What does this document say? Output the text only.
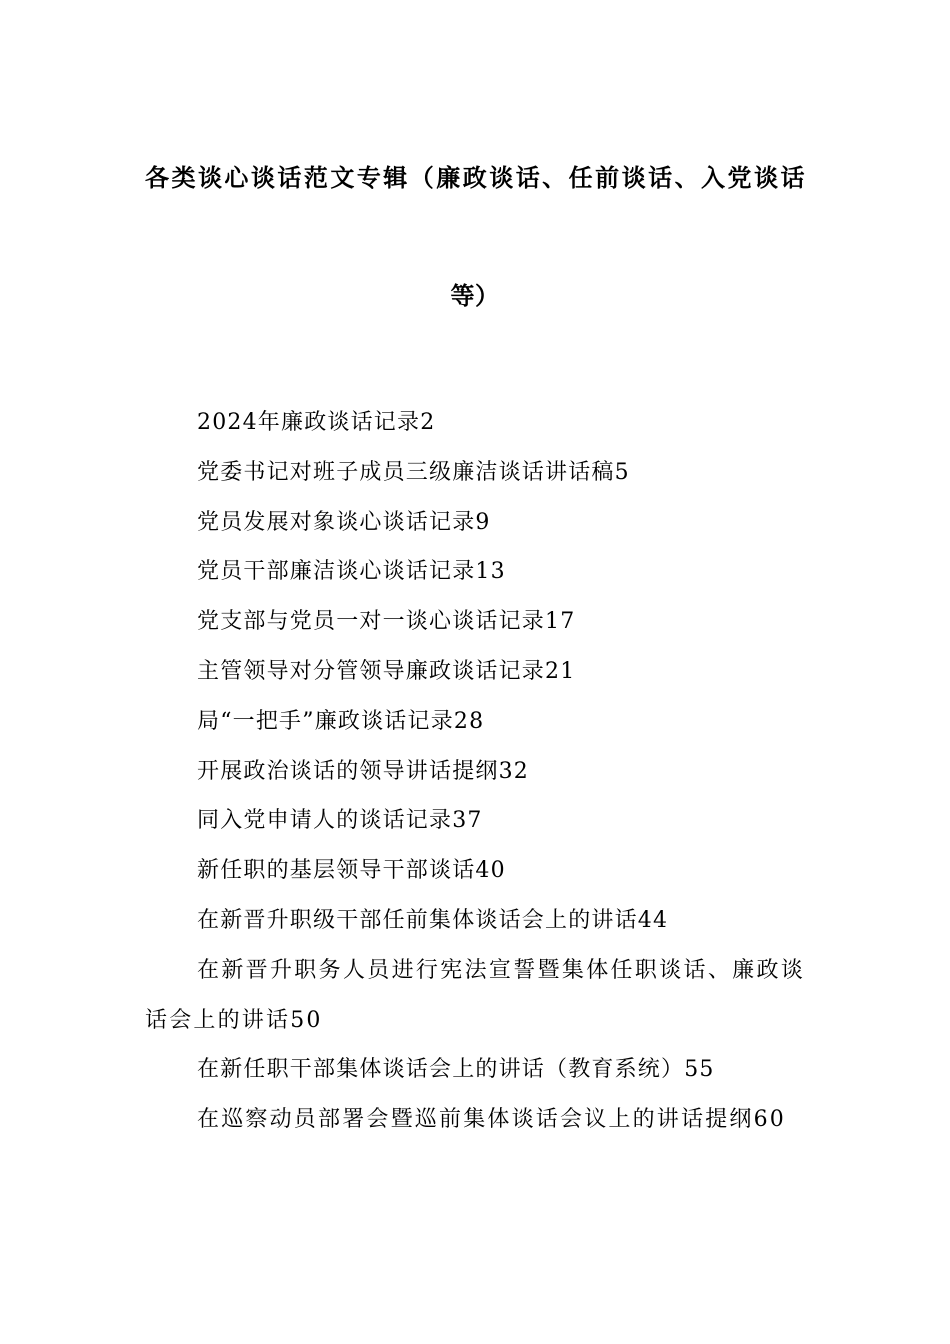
各类谈心谈话范文专辑（廉政谈话、任前谈话、入党谈话
等）
2024年廉政谈话记录2
党委书记对班子成员三级廉洁谈话讲话稿5
党员发展对象谈心谈话记录9
党员干部廉洁谈心谈话记录13
党支部与党员一对一谈心谈话记录17
主管领导对分管领导廉政谈话记录21
局“一把手”廉政谈话记录28
开展政治谈话的领导讲话提纲32
同入党申请人的谈话记录37
新任职的基层领导干部谈话40
在新晋升职级干部任前集体谈话会上的讲话44
在新晋升职务人员进行宪法宣誓暨集体任职谈话、廉政谈话会上的讲话50
在新任职干部集体谈话会上的讲话（教育系统）55
在巡察动员部署会暨巡前集体谈话会议上的讲话提纲60
